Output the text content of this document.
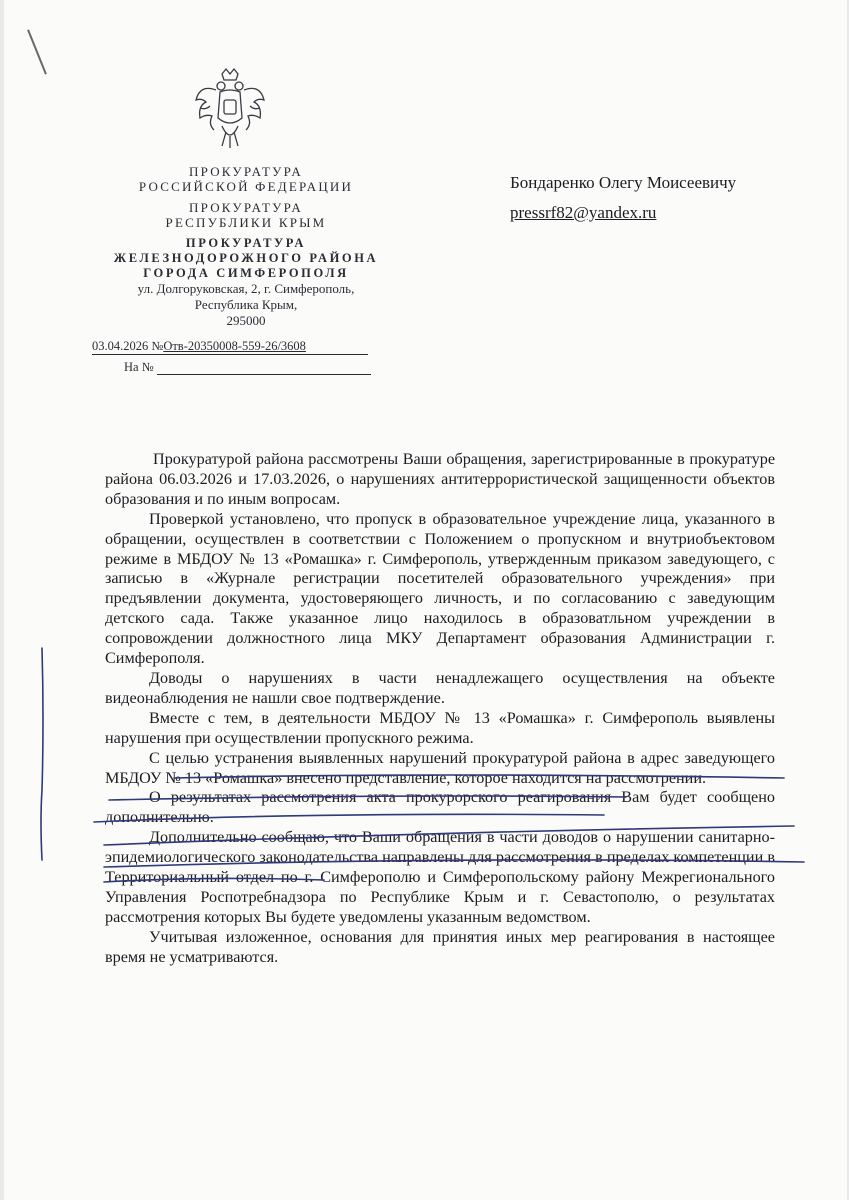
ПРОКУРАТУРА
РОССИЙСКОЙ ФЕДЕРАЦИИ
ПРОКУРАТУРА
РЕСПУБЛИКИ КРЫМ
ПРОКУРАТУРА
ЖЕЛЕЗНОДОРОЖНОГО РАЙОНА
ГОРОДА СИМФЕРОПОЛЯ
ул. Долгоруковская, 2, г. Симферополь,
Республика Крым,
295000
03.04.2026 №Отв-20350008-559-26/3608
На №
Бондаренко Олегу Моисеевичу
pressrf82@yandex.ru

Прокуратурой района рассмотрены Ваши обращения, зарегистрированные в прокуратуре района 06.03.2026 и 17.03.2026, о нарушениях антитеррористической защищенности объектов образования и по иным вопросам.

Проверкой установлено, что пропуск в образовательное учреждение лица, указанного в обращении, осуществлен в соответствии с Положением о пропускном и внутриобъектовом режиме в МБДОУ № 13 «Ромашка» г. Симферополь, утвержденным приказом заведующего, с записью в «Журнале регистрации посетителей образовательного учреждения» при предъявлении документа, удостоверяющего личность, и по согласованию с заведующим детского сада. Также указанное лицо находилось в образоватльном учреждении в сопровождении должностного лица МКУ Департамент образования Администрации г. Симферополя.

Доводы о нарушениях в части ненадлежащего осуществления на объекте видеонаблюдения не нашли свое подтверждение.

Вместе с тем, в деятельности МБДОУ № 13 «Ромашка» г. Симферополь выявлены нарушения при осуществлении пропускного режима.

С целью устранения выявленных нарушений прокуратурой района в адрес заведующего МБДОУ № 13 «Ромашка» внесено представление, которое находится на рассмотрении.

О результатах рассмотрения акта прокурорского реагирования Вам будет сообщено дополнительно.

Дополнительно сообщаю, что Ваши обращения в части доводов о нарушении санитарно-эпидемиологического законодательства направлены для рассмотрения в пределах компетенции в Территориальный отдел по г. Симферополю и Симферопольскому району Межрегионального Управления Роспотребнадзора по Республике Крым и г. Севастополю, о результатах рассмотрения которых Вы будете уведомлены указанным ведомством.

Учитывая изложенное, основания для принятия иных мер реагирования в настоящее время не усматриваются.
